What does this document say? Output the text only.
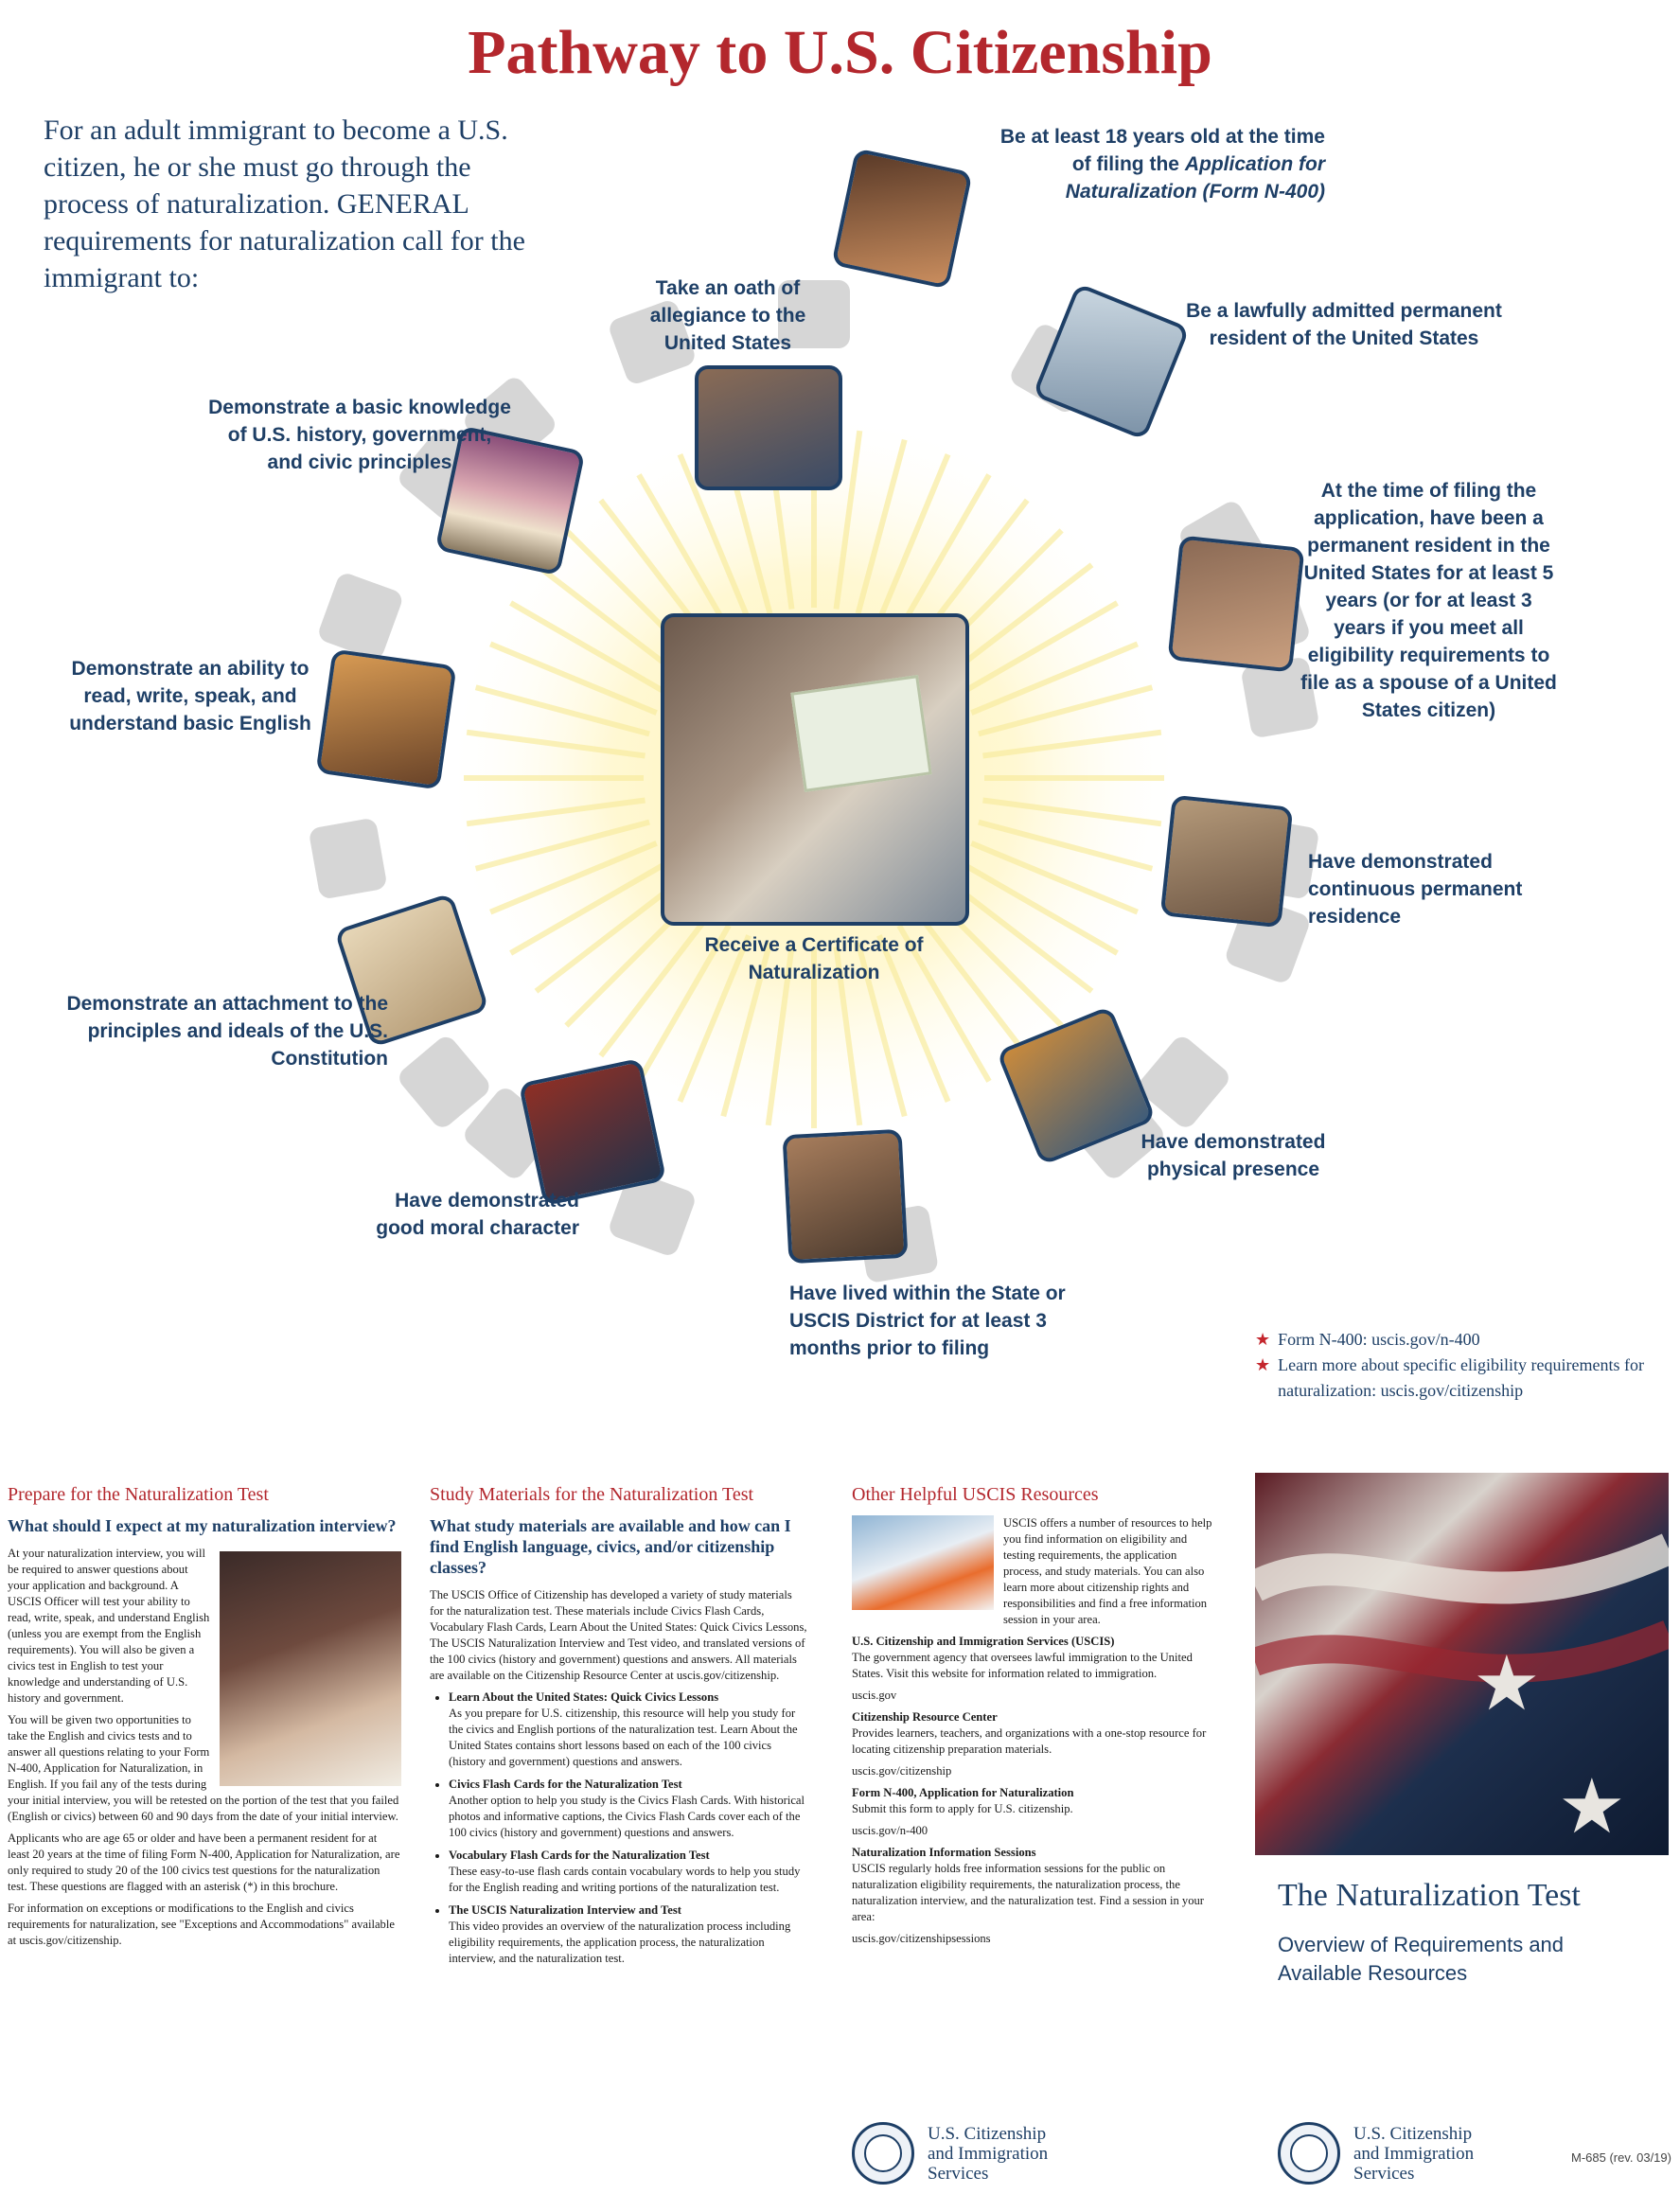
Pathway to U.S. Citizenship
For an adult immigrant to become a U.S. citizen, he or she must go through the process of naturalization. GENERAL requirements for naturalization call for the immigrant to:
Receive a Certificate of Naturalization
Be at least 18 years old at the time
of filing the Application for
Naturalization (Form N-400)
Be a lawfully admitted permanent resident of the United States
At the time of filing the application, have been a permanent resident in the United States for at least 5 years (or for at least 3 years if you meet all eligibility requirements to file as a spouse of a United States citizen)
Have demonstrated continuous permanent residence
Have demonstrated physical presence
Have lived within the State or USCIS District for at least 3 months prior to filing
Have demonstrated good moral character
Demonstrate an attachment to the principles and ideals of the U.S. Constitution
Demonstrate an ability to read, write, speak, and understand basic English
Demonstrate a basic knowledge of U.S. history, government, and civic principles
Take an oath of allegiance to the United States
★ Form N-400: uscis.gov/n-400
★ Learn more about specific eligibility requirements for naturalization: uscis.gov/citizenship
Prepare for the Naturalization Test
What should I expect at my naturalization interview?

At your naturalization interview, you will be required to answer questions about your application and background. A USCIS Officer will test your ability to read, write, speak, and understand English (unless you are exempt from the English requirements). You will also be given a civics test in English to test your knowledge and understanding of U.S. history and government.

You will be given two opportunities to take the English and civics tests and to answer all questions relating to your Form N-400, Application for Naturalization, in English. If you fail any of the tests during your initial interview, you will be retested on the portion of the test that you failed (English or civics) between 60 and 90 days from the date of your initial interview.

Applicants who are age 65 or older and have been a permanent resident for at least 20 years at the time of filing Form N-400, Application for Naturalization, are only required to study 20 of the 100 civics test questions for the naturalization test. These questions are flagged with an asterisk (*) in this brochure.

For information on exceptions or modifications to the English and civics requirements for naturalization, see "Exceptions and Accommodations" available at uscis.gov/citizenship.

Study Materials for the Naturalization Test
What study materials are available and how can I find English language, civics, and/or citizenship classes?

The USCIS Office of Citizenship has developed a variety of study materials for the naturalization test. These materials include Civics Flash Cards, Vocabulary Flash Cards, Learn About the United States: Quick Civics Lessons, The USCIS Naturalization Interview and Test video, and translated versions of the 100 civics (history and government) questions and answers. All materials are available on the Citizenship Resource Center at uscis.gov/citizenship.

• Learn About the United States: Quick Civics Lessons
As you prepare for U.S. citizenship, this resource will help you study for the civics and English portions of the naturalization test. Learn About the United States contains short lessons based on each of the 100 civics (history and government) questions and answers.
• Civics Flash Cards for the Naturalization Test
Another option to help you study is the Civics Flash Cards. With historical photos and informative captions, the Civics Flash Cards cover each of the 100 civics (history and government) questions and answers.
• Vocabulary Flash Cards for the Naturalization Test
These easy-to-use flash cards contain vocabulary words to help you study for the English reading and writing portions of the naturalization test.
• The USCIS Naturalization Interview and Test
This video provides an overview of the naturalization process including eligibility requirements, the application process, the naturalization interview, and the naturalization test.
Other Helpful USCIS Resources

USCIS offers a number of resources to help you find information on eligibility and testing requirements, the application process, and study materials. You can also learn more about citizenship rights and responsibilities and find a free information session in your area.

U.S. Citizenship and Immigration Services (USCIS)
The government agency that oversees lawful immigration to the United States. Visit this website for information related to immigration.

uscis.gov

Citizenship Resource Center
Provides learners, teachers, and organizations with a one-stop resource for locating citizenship preparation materials.

uscis.gov/citizenship

Form N-400, Application for Naturalization
Submit this form to apply for U.S. citizenship.

uscis.gov/n-400

Naturalization Information Sessions
USCIS regularly holds free information sessions for the public on naturalization eligibility requirements, the naturalization process, the naturalization interview, and the naturalization test. Find a session in your area:

uscis.gov/citizenshipsessions

★
★
The Naturalization Test
Overview of Requirements and Available Resources
U.S. Citizenship
and Immigration
Services
U.S. Citizenship
and Immigration
Services
M-685 (rev. 03/19)
